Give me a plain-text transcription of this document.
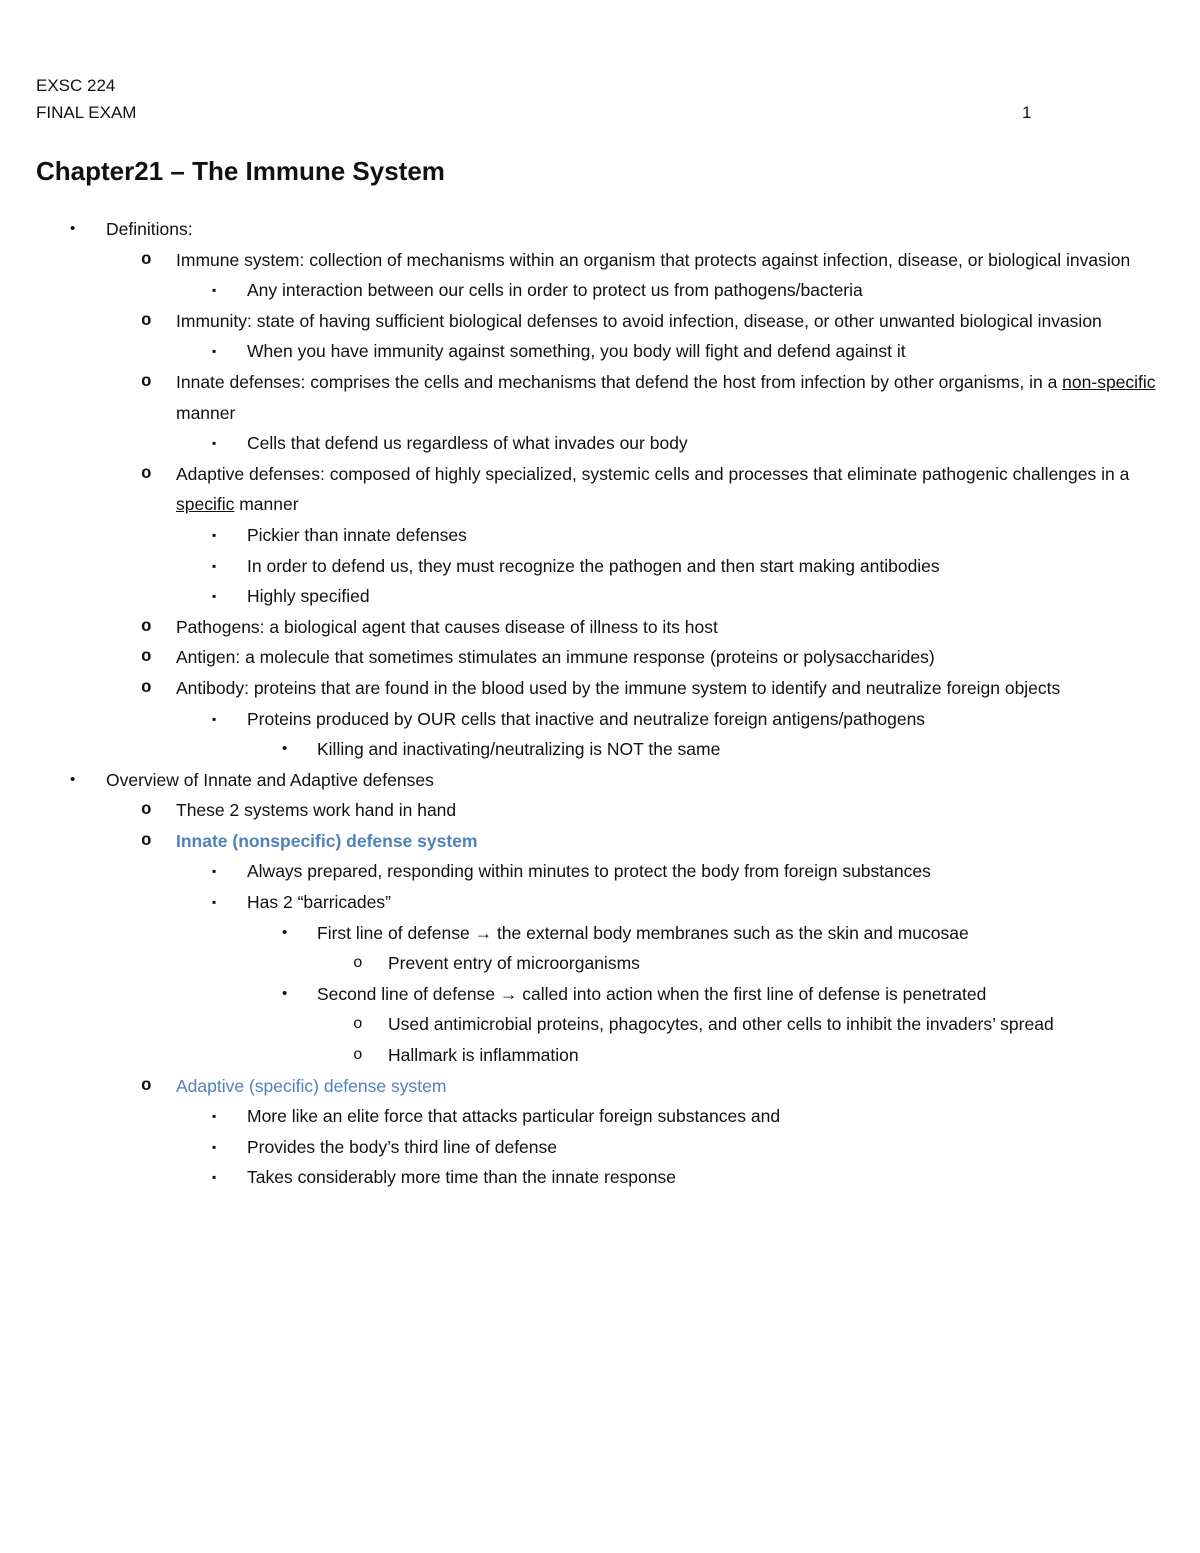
EXSC 224
FINAL EXAM	1
Chapter21 – The Immune System
• Definitions:
o Immune system: collection of mechanisms within an organism that protects against infection, disease, or biological invasion
▪ Any interaction between our cells in order to protect us from pathogens/bacteria
o Immunity: state of having sufficient biological defenses to avoid infection, disease, or other unwanted biological invasion
▪ When you have immunity against something, you body will fight and defend against it
o Innate defenses: comprises the cells and mechanisms that defend the host from infection by other organisms, in a non-specific manner
▪ Cells that defend us regardless of what invades our body
o Adaptive defenses: composed of highly specialized, systemic cells and processes that eliminate pathogenic challenges in a specific manner
▪ Pickier than innate defenses
▪ In order to defend us, they must recognize the pathogen and then start making antibodies
▪ Highly specified
o Pathogens: a biological agent that causes disease of illness to its host
o Antigen: a molecule that sometimes stimulates an immune response (proteins or polysaccharides)
o Antibody: proteins that are found in the blood used by the immune system to identify and neutralize foreign objects
▪ Proteins produced by OUR cells that inactive and neutralize foreign antigens/pathogens
• Killing and inactivating/neutralizing is NOT the same
• Overview of Innate and Adaptive defenses
o These 2 systems work hand in hand
o Innate (nonspecific) defense system
▪ Always prepared, responding within minutes to protect the body from foreign substances
▪ Has 2 “barricades”
• First line of defense → the external body membranes such as the skin and mucosae
o Prevent entry of microorganisms
• Second line of defense → called into action when the first line of defense is penetrated
o Used antimicrobial proteins, phagocytes, and other cells to inhibit the invaders’ spread
o Hallmark is inflammation
o Adaptive (specific) defense system
▪ More like an elite force that attacks particular foreign substances and
▪ Provides the body’s third line of defense
▪ Takes considerably more time than the innate response
